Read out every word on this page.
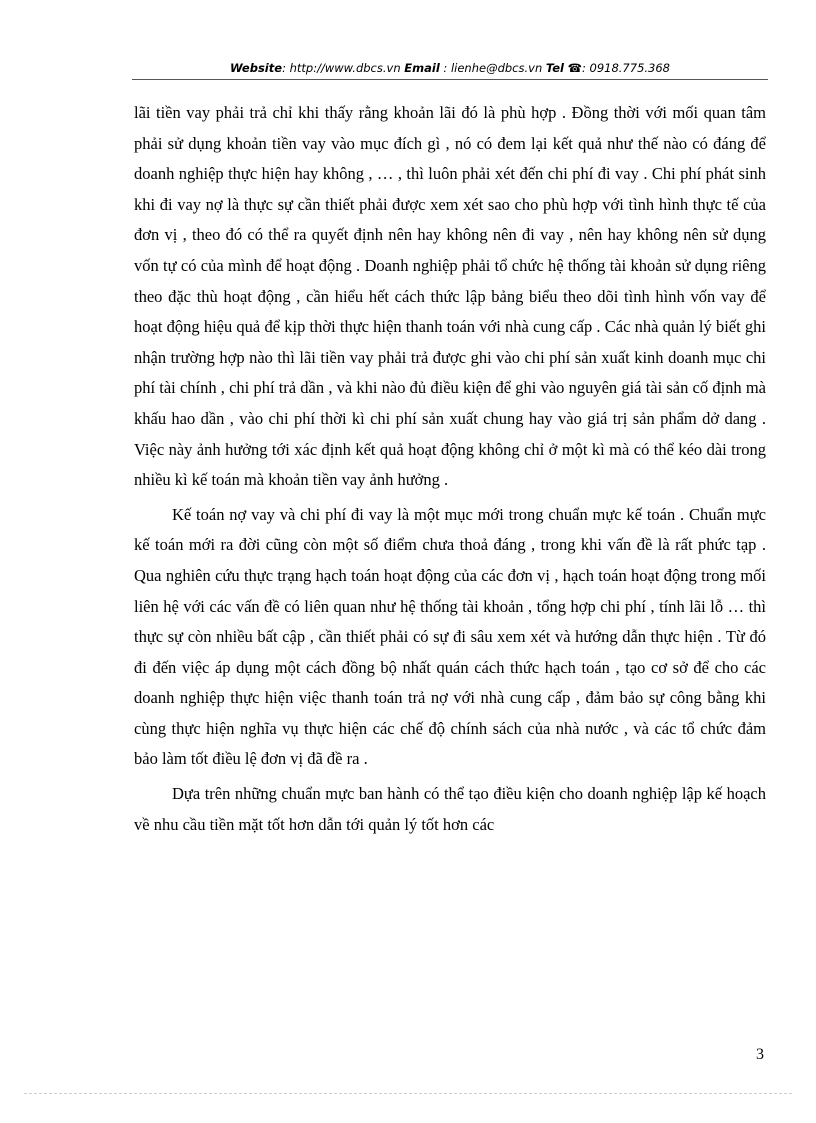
Website: http://www.dbcs.vn Email : lienhe@dbcs.vn Tel ☎: 0918.775.368

lãi tiền vay phải trả chỉ khi thấy rằng khoản lãi đó là phù hợp . Đồng thời với mối quan tâm phải sử dụng khoản tiền vay vào mục đích gì , nó có đem lại kết quả như thế nào có đáng để doanh nghiệp thực hiện hay không , … , thì luôn phải xét đến chi phí đi vay . Chi phí phát sinh khi đi vay nợ là thực sự cần thiết phải được xem xét sao cho phù hợp với tình hình thực tế của đơn vị , theo đó có thể ra quyết định nên hay không nên đi vay , nên hay không nên sử dụng vốn tự có của mình để hoạt động . Doanh nghiệp phải tổ chức hệ thống tài khoản sử dụng riêng theo đặc thù hoạt động , cần hiểu hết cách thức lập bảng biểu theo dõi tình hình vốn vay để hoạt động hiệu quả để kịp thời thực hiện thanh toán với nhà cung cấp . Các nhà quản lý biết ghi nhận trường hợp nào thì lãi tiền vay phải trả được ghi vào chi phí sản xuất kinh doanh mục chi phí tài chính , chi phí trả dần , và khi nào đủ điều kiện để ghi vào nguyên giá tài sản cố định mà khấu hao dần , vào chi phí thời kì chi phí sản xuất chung hay vào giá trị sản phẩm dở dang . Việc này ảnh hưởng tới xác định kết quả hoạt động không chỉ ở một kì mà có thể kéo dài trong nhiều kì kế toán mà khoản tiền vay ảnh hưởng .

Kế toán nợ vay và chi phí đi vay là một mục mới trong chuẩn mực kế toán . Chuẩn mực kế toán mới ra đời cũng còn một số điểm chưa thoả đáng , trong khi vấn đề là rất phức tạp . Qua nghiên cứu thực trạng hạch toán hoạt động của các đơn vị , hạch toán hoạt động trong mối liên hệ với các vấn đề có liên quan như hệ thống tài khoản , tổng hợp chi phí , tính lãi lỗ … thì thực sự còn nhiều bất cập , cần thiết phải có sự đi sâu xem xét và hướng dẫn thực hiện . Từ đó đi đến việc áp dụng một cách đồng bộ nhất quán cách thức hạch toán , tạo cơ sở để cho các doanh nghiệp thực hiện việc thanh toán trả nợ với nhà cung cấp , đảm bảo sự công bằng khi cùng thực hiện nghĩa vụ thực hiện các chế độ chính sách của nhà nước , và các tổ chức đảm bảo làm tốt điều lệ đơn vị đã đề ra .

Dựa trên những chuẩn mực ban hành có thể tạo điều kiện cho doanh nghiệp lập kế hoạch về nhu cầu tiền mặt tốt hơn dẫn tới quản lý tốt hơn các

3
